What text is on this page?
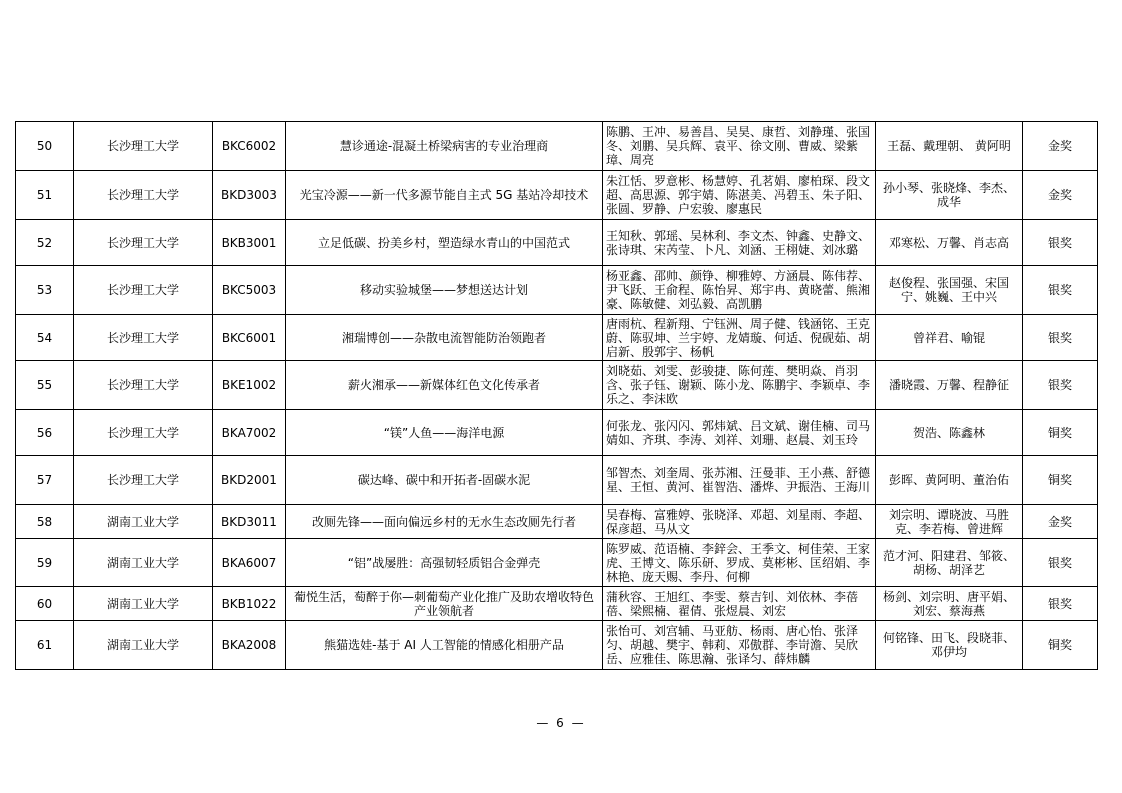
50	长沙理工大学	BKC6002	慧诊通途-混凝土桥梁病害的专业治理商	陈鹏、王冲、易善昌、吴昊、康哲、刘静瑾、张国冬、刘鹏、吴兵辉、袁平、徐文刚、曹威、梁紫璋、周亮	王磊、戴理朝、 黄阿明	金奖
51	长沙理工大学	BKD3003	光宝冷源——新一代多源节能自主式 5G 基站冷却技术	朱江恬、罗意彬、杨慧婷、孔茗娟、廖柏琛、段文超、高思源、郭宇婧、陈湛美、冯碧玉、朱子阳、张圆、罗静、户宏骏、廖惠民	孙小琴、张晓烽、李杰、成华	金奖
52	长沙理工大学	BKB3001	立足低碳、扮美乡村，塑造绿水青山的中国范式	王知秋、郭瑶、吴林利、李文杰、钟鑫、史静文、张诗琪、宋芮莹、卜凡、刘涵、王栩婕、刘冰璐	邓寒松、万馨、肖志高	银奖
53	长沙理工大学	BKC5003	移动实验城堡——梦想送达计划	杨亚鑫、邵帅、颜铮、柳雅婷、方涵晨、陈伟荐、尹飞跃、王俞程、陈怡昇、郑宇冉、黄晓蕾、熊湘豪、陈敏健、刘弘毅、高凯鹏	赵俊程、张国强、宋国宁、姚巍、王中兴	银奖
54	长沙理工大学	BKC6001	湘瑞博创——杂散电流智能防治领跑者	唐雨杭、程新翔、宁钰洲、周子健、钱涵铭、王克蔚、陈驭坤、兰宇婷、龙婧璇、何适、倪砚茹、胡启新、殷郭宇、杨帆	曾祥君、喻锟	银奖
55	长沙理工大学	BKE1002	薪火湘承——新媒体红色文化传承者	刘晓茹、刘雯、彭骏捷、陈何莲、樊明焱、肖羽含、张子钰、谢颖、陈小龙、陈鹏宇、李颖卓、李乐之、李沫欧	潘晓霞、万馨、程静征	银奖
56	长沙理工大学	BKA7002	“镁”人鱼——海洋电源	何张龙、张闪闪、郭炜斌、吕文斌、谢佳楠、司马婧如、齐琪、李涛、刘祥、刘珊、赵晨、刘玉玲	贺浩、陈鑫林	铜奖
57	长沙理工大学	BKD2001	碳达峰、碳中和开拓者-固碳水泥	邹智杰、刘奎周、张苏湘、汪曼菲、王小燕、舒德星、王恒、黄河、崔智浩、潘烨、尹振浩、王海川	彭晖、黄阿明、董治佑	铜奖
58	湖南工业大学	BKD3011	改厕先锋——面向偏远乡村的无水生态改厕先行者	吴春梅、富雅婷、张晓泽、邓超、刘星雨、李超、保彦超、马从文	刘宗明、谭晓波、马胜克、李若梅、曾进辉	金奖
59	湖南工业大学	BKA6007	“铝”战屡胜：高强韧轻质铝合金弹壳	陈罗威、范语楠、李鋅会、王季文、柯佳荣、王家虎、王博文、陈乐研、罗成、莫彬彬、匡绍娟、李林艳、庞天赐、李丹、何柳	范才河、阳建君、邹筱、胡杨、胡泽艺	银奖
60	湖南工业大学	BKB1022	葡悦生活，萄醉于你—刺葡萄产业化推广及助农增收特色产业领航者	蒲秋容、王旭红、李雯、蔡吉钊、刘依林、李蓓蓓、梁熙楠、翟倩、张煜晨、刘宏	杨剑、刘宗明、唐平娟、刘宏、蔡海燕	银奖
61	湖南工业大学	BKA2008	熊猫选娃-基于 AI 人工智能的情感化相册产品	张怡可、刘宫辅、马亚舫、杨雨、唐心怡、张泽匀、胡越、樊宇、韩莉、邓傲群、李岢澹、吴欣岳、应雅佳、陈思瀚、张译匀、薛炜麟	何铭锋、田飞、段晓菲、邓伊均	铜奖
— 6 —
